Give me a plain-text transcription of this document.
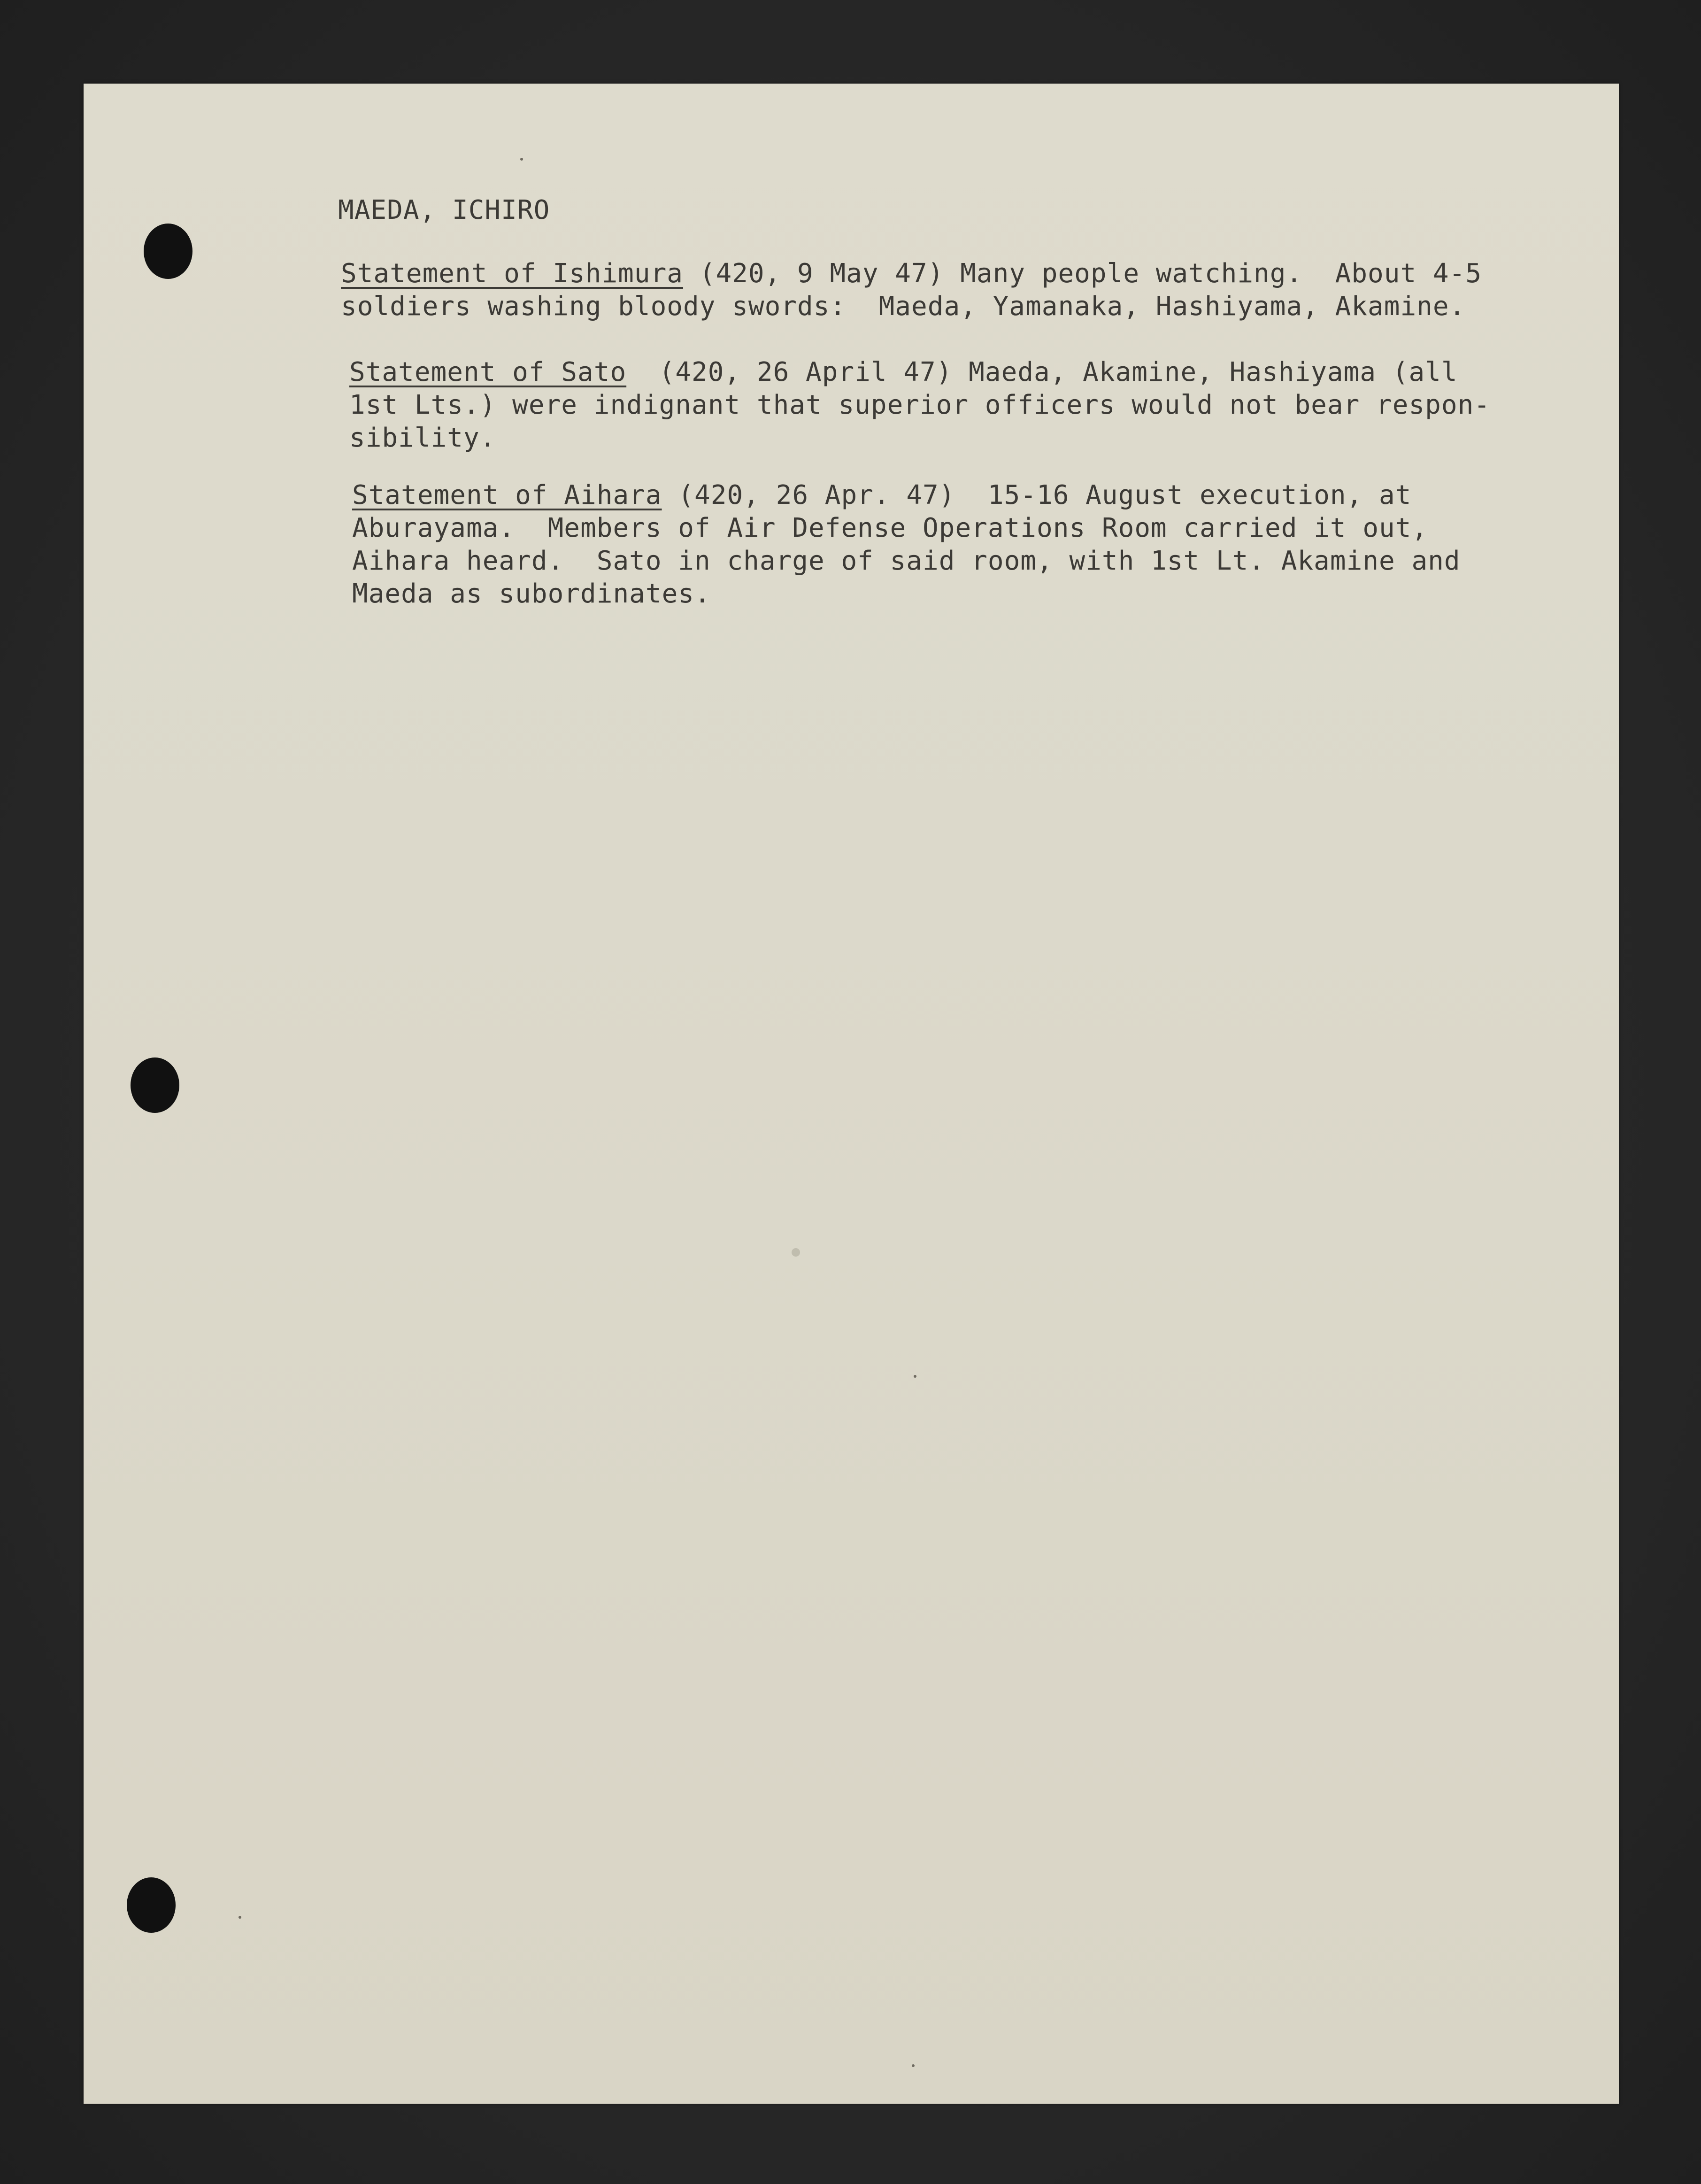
MAEDA, ICHIRO
Statement of Ishimura (420, 9 May 47) Many people watching.  About 4-5
soldiers washing bloody swords:  Maeda, Yamanaka, Hashiyama, Akamine.
Statement of Sato  (420, 26 April 47) Maeda, Akamine, Hashiyama (all
1st Lts.) were indignant that superior officers would not bear respon-
sibility.
Statement of Aihara (420, 26 Apr. 47)  15-16 August execution, at
Aburayama.  Members of Air Defense Operations Room carried it out,
Aihara heard.  Sato in charge of said room, with 1st Lt. Akamine and
Maeda as subordinates.
